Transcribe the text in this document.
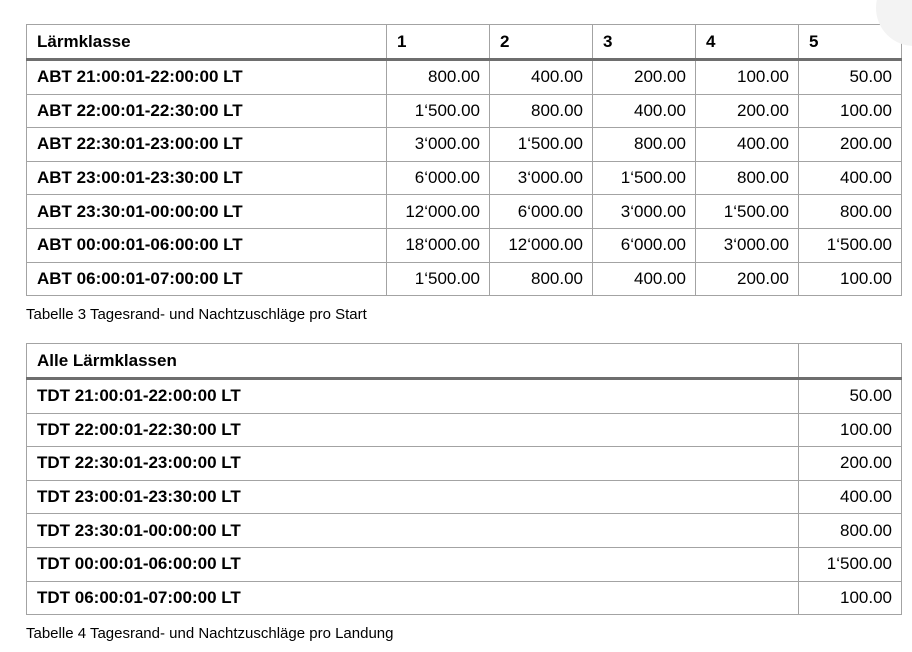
Lärmklasse	1	2	3	4	5
ABT 21:00:01-22:00:00 LT	800.00	400.00	200.00	100.00	50.00
ABT 22:00:01-22:30:00 LT	1‘500.00	800.00	400.00	200.00	100.00
ABT 22:30:01-23:00:00 LT	3‘000.00	1‘500.00	800.00	400.00	200.00
ABT 23:00:01-23:30:00 LT	6‘000.00	3‘000.00	1‘500.00	800.00	400.00
ABT 23:30:01-00:00:00 LT	12‘000.00	6‘000.00	3‘000.00	1‘500.00	800.00
ABT 00:00:01-06:00:00 LT	18‘000.00	12‘000.00	6‘000.00	3‘000.00	1‘500.00
ABT 06:00:01-07:00:00 LT	1‘500.00	800.00	400.00	200.00	100.00
Tabelle 3 Tagesrand- und Nachtzuschläge pro Start
Alle Lärmklassen	
TDT 21:00:01-22:00:00 LT	50.00
TDT 22:00:01-22:30:00 LT	100.00
TDT 22:30:01-23:00:00 LT	200.00
TDT 23:00:01-23:30:00 LT	400.00
TDT 23:30:01-00:00:00 LT	800.00
TDT 00:00:01-06:00:00 LT	1‘500.00
TDT 06:00:01-07:00:00 LT	100.00
Tabelle 4 Tagesrand- und Nachtzuschläge pro Landung
